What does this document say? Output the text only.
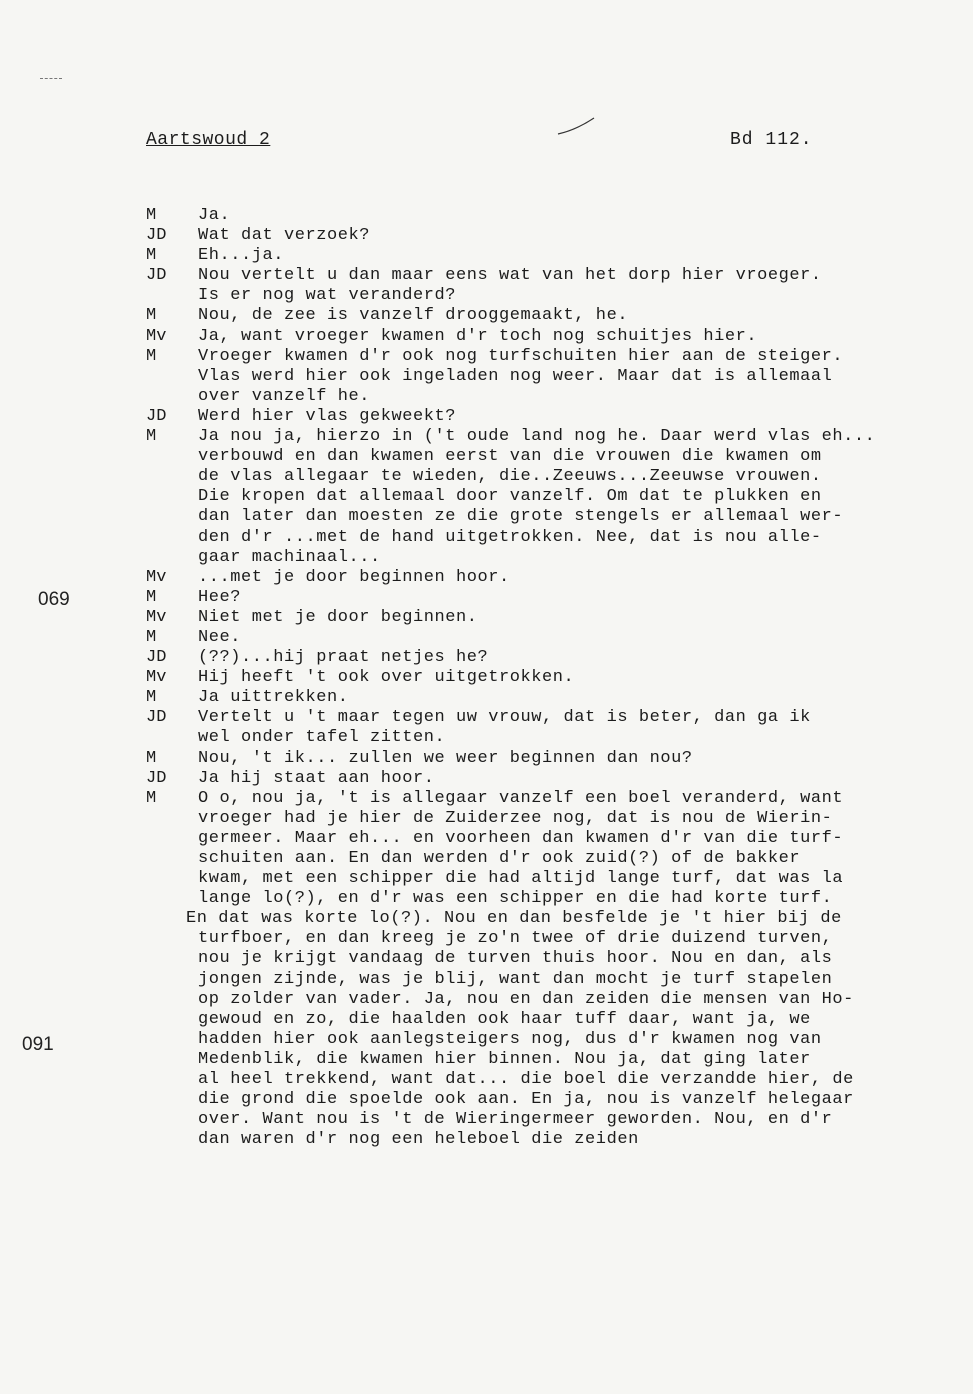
Aartswoud 2	Bd 112.
069
091
M	Ja.
JD	Wat dat verzoek?
M	Eh...ja.
JD	Nou vertelt u dan maar eens wat van het dorp hier vroeger.
Is er nog wat veranderd?
M	Nou, de zee is vanzelf drooggemaakt, he.
Mv	Ja, want vroeger kwamen d'r toch nog schuitjes hier.
M	Vroeger kwamen d'r ook nog turfschuiten hier aan de steiger.
Vlas werd hier ook ingeladen nog weer. Maar dat is allemaal
over vanzelf he.
JD	Werd hier vlas gekweekt?
M	Ja nou ja, hierzo in ('t oude land nog he. Daar werd vlas eh...
verbouwd en dan kwamen eerst van die vrouwen die kwamen om
de vlas allegaar te wieden, die..Zeeuws...Zeeuwse vrouwen.
Die kropen dat allemaal door vanzelf. Om dat te plukken en
dan later dan moesten ze die grote stengels er allemaal wer-
den d'r ...met de hand uitgetrokken. Nee, dat is nou alle-
gaar machinaal...
Mv	...met je door beginnen hoor.
M	Hee?
Mv	Niet met je door beginnen.
M	Nee.
JD	(??)...hij praat netjes he?
Mv	Hij heeft 't ook over uitgetrokken.
M	Ja uittrekken.
JD	Vertelt u 't maar tegen uw vrouw, dat is beter, dan ga ik
wel onder tafel zitten.
M	Nou, 't ik... zullen we weer beginnen dan nou?
JD	Ja hij staat aan hoor.
M	O o, nou ja, 't is allegaar vanzelf een boel veranderd, want
vroeger had je hier de Zuiderzee nog, dat is nou de Wierin-
germeer. Maar eh... en voorheen dan kwamen d'r van die turf-
schuiten aan. En dan werden d'r ook zuid(?) of de bakker
kwam, met een schipper die had altijd lange turf, dat was la
lange lo(?), en d'r was een schipper en die had korte turf.
En dat was korte lo(?). Nou en dan besfelde je 't hier bij de
turfboer, en dan kreeg je zo'n twee of drie duizend turven,
nou je krijgt vandaag de turven thuis hoor. Nou en dan, als
jongen zijnde, was je blij, want dan mocht je turf stapelen
op zolder van vader. Ja, nou en dan zeiden die mensen van Ho-
gewoud en zo, die haalden ook haar tuff daar, want ja, we
hadden hier ook aanlegsteigers nog, dus d'r kwamen nog van
Medenblik, die kwamen hier binnen. Nou ja, dat ging later
al heel trekkend, want dat... die boel die verzandde hier, de
die grond die spoelde ook aan. En ja, nou is vanzelf helegaar
over. Want nou is 't de Wieringermeer geworden. Nou, en d'r
dan waren d'r nog een heleboel die zeiden
